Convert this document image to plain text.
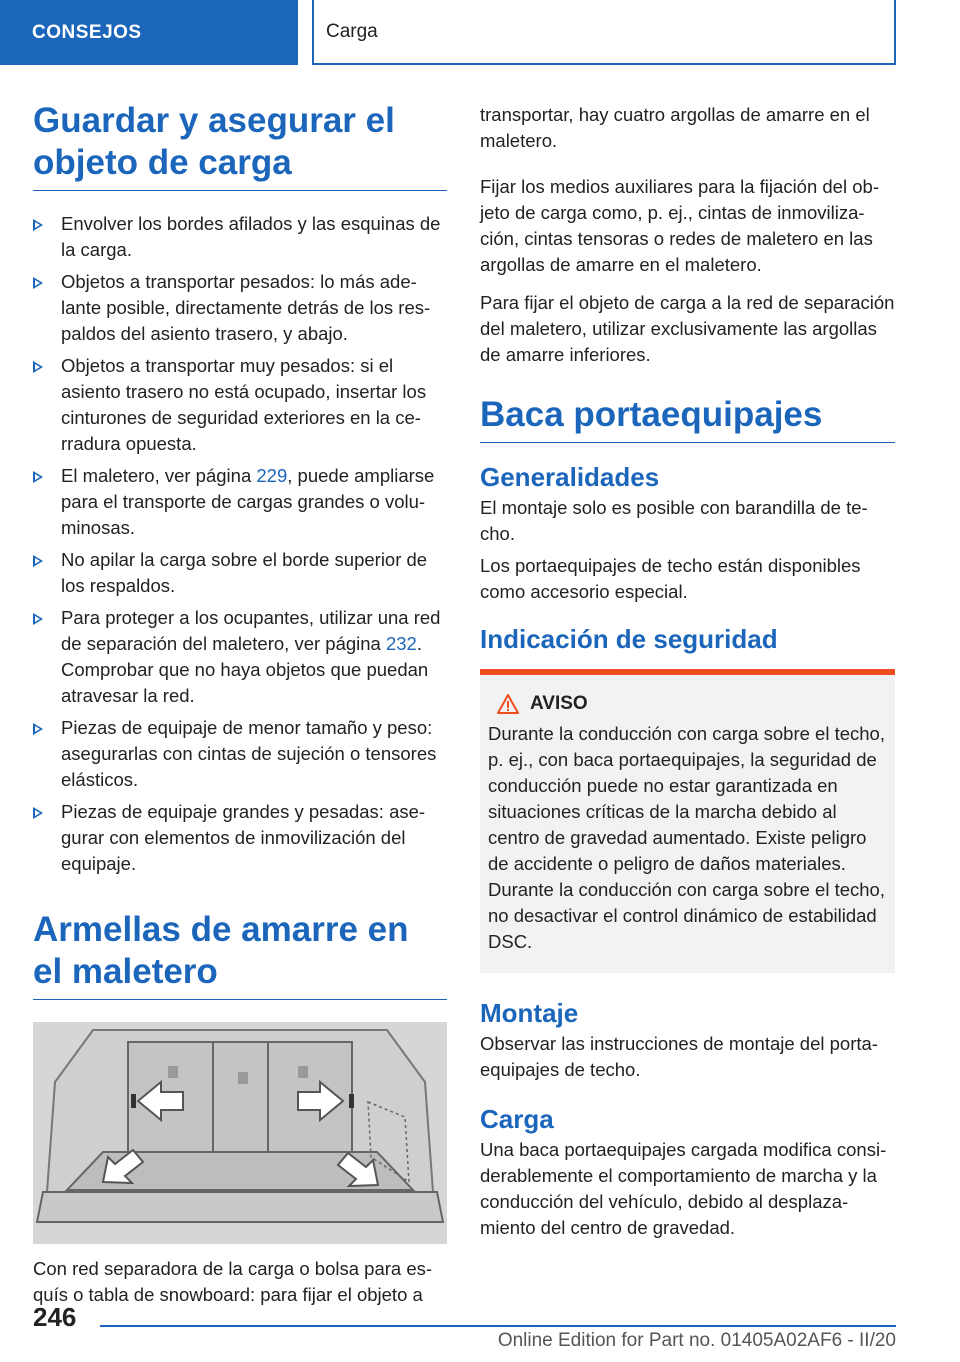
CONSEJOS	Carga
Guardar y asegurar el objeto de carga
Envolver los bordes afilados y las esquinas de la carga.
Objetos a transportar pesados: lo más adelante posible, directamente detrás de los respaldos del asiento trasero, y abajo.
Objetos a transportar muy pesados: si el asiento trasero no está ocupado, insertar los cinturones de seguridad exteriores en la cerradura opuesta.
El maletero, ver página 229, puede ampliarse para el transporte de cargas grandes o voluminosas.
No apilar la carga sobre el borde superior de los respaldos.
Para proteger a los ocupantes, utilizar una red de separación del maletero, ver página 232. Comprobar que no haya objetos que puedan atravesar la red.
Piezas de equipaje de menor tamaño y peso: asegurarlas con cintas de sujeción o tensores elásticos.
Piezas de equipaje grandes y pesadas: asegurar con elementos de inmovilización del equipaje.
Armellas de amarre en el maletero

Con red separadora de la carga o bolsa para esquís o tabla de snowboard: para fijar el objeto a

transportar, hay cuatro argollas de amarre en el maletero.

Fijar los medios auxiliares para la fijación del objeto de carga como, p. ej., cintas de inmovilización, cintas tensoras o redes de maletero en las argollas de amarre en el maletero.

Para fijar el objeto de carga a la red de separación del maletero, utilizar exclusivamente las argollas de amarre inferiores.

Baca portaequipajes
Generalidades

El montaje solo es posible con barandilla de techo.

Los portaequipajes de techo están disponibles como accesorio especial.

Indicación de seguridad
AVISO

Durante la conducción con carga sobre el techo, p. ej., con baca portaequipajes, la seguridad de conducción puede no estar garantizada en situaciones críticas de la marcha debido al centro de gravedad aumentado. Existe peligro de accidente o peligro de daños materiales.

Durante la conducción con carga sobre el techo, no desactivar el control dinámico de estabilidad DSC.

Montaje

Observar las instrucciones de montaje del portaequipajes de techo.

Carga

Una baca portaequipajes cargada modifica considerablemente el comportamiento de marcha y la conducción del vehículo, debido al desplazamiento del centro de gravedad.

246
Online Edition for Part no. 01405A02AF6 - II/20
